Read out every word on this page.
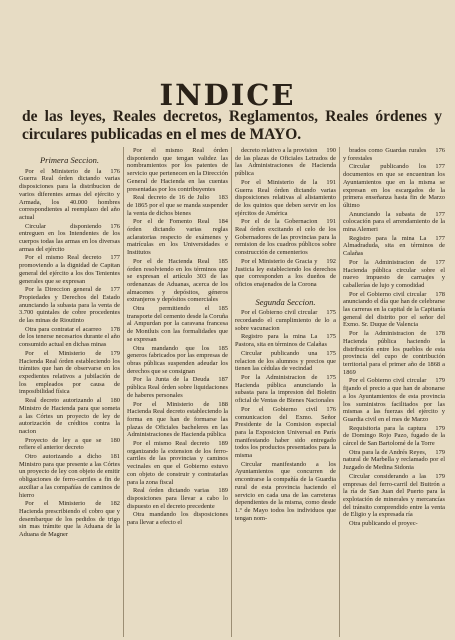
INDICE
de las leyes, Reales decretos, Reglamentos, Reales órdenes y circulares publicadas en el mes de MAYO.
Primera Seccion.
176
Por el Ministerio de la Guerra Real órden dictando varias disposiciones para la distribucion de varios diferentes armas del ejército y Armada, los 40.000 hombres correspondientes al reemplazo del año actual
176
Circular disponiendo entreguen en los Intendentes de los cuerpos todas las armas en los diversas armas del ejército
177
Por el mismo Real decreto promoviendo a la dignidad de Capitan general del ejército a los dos Tenientes generales que se expresan
177
Por la Direccion general de Propiedades y Derechos del Estado anunciando la subasta para la venta de 3.700 quintales de cobre procedentes de las minas de Rioutinto
178
Otra para contratar el acarreo de los tenerse necesarios durante el año consumido actual en dichas minas
179
Por el Ministerio de Hacienda Real órden estableciendo los trámites que han de observarse en los expedientes relativos a jubilación de los empleados por causa de imposibilidad física
180
Real decreto autorizando al Ministro de Hacienda para que someta a las Córtes un proyecto de ley de autorización de créditos contra la nacion
180
Proyecto de ley a que se refiere el anterior decreto
181
Otro autorizando a dicho Ministro para que presente a las Córtes un proyecto de ley con objeto de emitir obligaciones de ferro-carriles a fin de auxiliar a las compañías de caminos de hierro
182
Por el Ministerio de Hacienda prescribiendo el cobro que y desembarque de los pedidos de trigo sin mas trámite que la Aduana de la Aduana de Magner
Por el mismo Real órden disponiendo que tengan validez las nombramientos por los patentes de servicio que pertenecen en la Dirección General de Hacienda en las cuentas presentadas por los contribuyentes
183
Real decreto de 16 de Julio de 1865 por el que se manda suspender la venta de dichos bienes
184
Por el de Fomento Real órden dictando varias reglas aclaratorias respecto de exámenes y matrículas en los Universidades e Institutos
185
Por el de Hacienda Real órden resolviendo en los términos que se expresan el artículo 303 de las ordenanzas de Aduanas, acerca de los almacenes y depósitos, géneros extranjeros y depósitos comerciales
185
Otra permitiendo el transporte del cemento desde la Coruña al Ampurdan por la caravana francesa de Montluis con las formalidades que se expresan
185
Otra mandando que los generos fabricados por las empresas de obras públicas suspenden adeudar los derechos que se consignan
187
Por la Junta de la Deuda pública Real órden sobre liquidaciones de haberes personales
188
Por el Ministerio de Hacienda Real decreto estableciendo la forma en que han de formarse las plazas de Oficiales bacheleres en las Administraciones de Hacienda pública
189
Por el mismo Real decreto organizando la extension de los ferro-carriles de las provincias y caminos vecinales en que el Gobierno estuvo con objeto de construir y contratarlas para la zona fiscal
189
Real órden dictando varias disposiciones para llevar a cabo lo dispuesto en el decreto precedente
Otra mandando los disposiciones para llevar a efecto el
190
decreto relativo a la provision de las plazas de Oficiales Letrados de las Administraciones de Hacienda pública
191
Por el Ministerio de la Guerra Real órden dictando varias disposiciones relativas al alistamiento de los quintos que deben servir en los ejércitos de América
191
Por el de la Gobernacion Real órden excitando el celo de los Gobernadores de las provincias para la remision de los cuadros públicos sobre construcción de cementerios
192
Por el Ministerio de Gracia y Justicia ley estableciendo los derechos que corresponden a los dueños de oficios enajenados de la Corona
Segunda Seccion.
175
Por el Gobierno civil circular recordando el cumplimiento de lo a sobre vacunacion
175
Registro para la mina La Pastora, sita en términos de Calañas
175
Circular publicando una relacion de los alumnos y precios que tienen las cédulas de vecindad
175
Por la Administracion de Hacienda pública anunciando la subasta para la impresion del Boletin oficial de Ventas de Bienes Nacionales
176
Por el Gobierno civil comunicacion del Exmo. Señor Presidente de la Comision especial para la Exposicion Universal en París manifestando haber sido entregado todos los productos presentados para la misma
Circular manifestando a los Ayuntamientos que concurren de encontrarse la compañía de la Guardia rural de esta provincia haciendo el servicio en cada una de las carreteras dependientes de la misma, como desde 1.º de Mayo todos los individuos que tengan nom-
176
brados como Guardas rurales y forestales
177
Circular publicando los documentos en que se encuentran los Ayuntamientos que en la misma se expresan en los escargados de la primera enseñanza hasta fin de Marzo último
177
Anunciando la subasta de colocación para el arrendamiento de la mina Alemeri
177
Registro para la mina La Almadraduda, sita en términos de Calañas
177
Por la Administracion de Hacienda pública circular sobre el nuevo impuesto de carruajes y caballerías de lujo y comodidad
178
Por el Gobierno civil circular anunciando el día que han de celebrarse las carreras en la capital de la Capitanía general del distrito por el señor del Exmo. Sr. Duque de Valencia
178
Por la Administracion de Hacienda pública haciendo la distribución entre los pueblos de esta provincia del cupo de contribución territorial para el primer año de 1868 a 1869
179
Por el Gobierno civil circular fijando el precio a que han de abonarse a los Ayuntamientos de esta provincia los suministros facilitados por las mismas a las fuerzas del ejército y Guardia civil en el mes de Marzo
179
Requisitoria para la captura de Domingo Rojo Pazo, fugado de la cárcel de San Bartolomé de la Torre
179
Otra para la de Andrés Reyes, natural de Marbella y reclamado por el Juzgado de Medina Sidonia
179
Circular considerando a las empresas del ferro-carril del Buitrón a la ría de San Juan del Puerto para la explotación de minerales y mercancías del tránsito comprendido entre la venta de Eligio y la expresada ría
Otra publicando el proyec-
